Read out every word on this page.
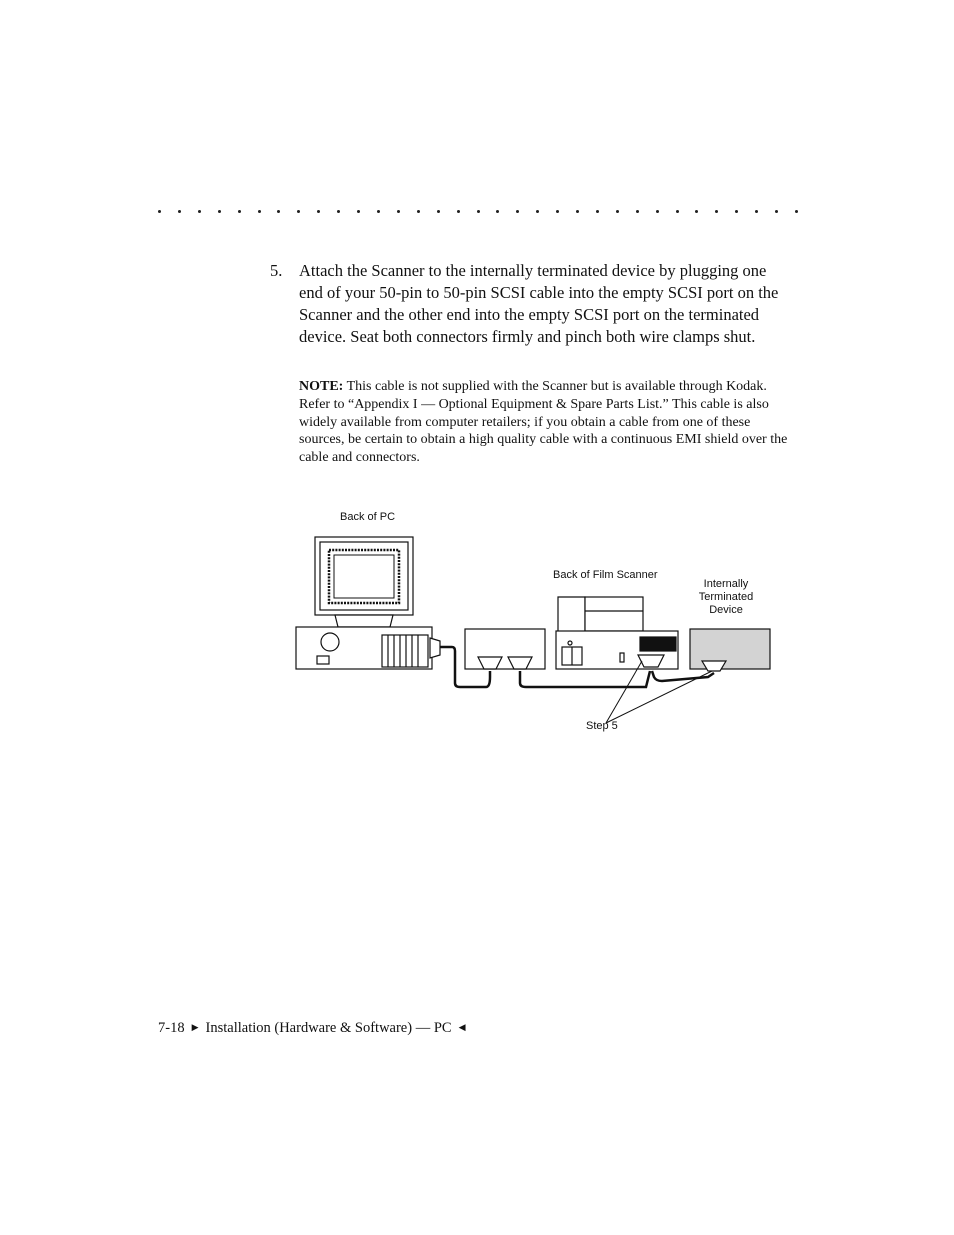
5. Attach the Scanner to the internally terminated device by plugging one end of your 50-pin to 50-pin SCSI cable into the empty SCSI port on the Scanner and the other end into the empty SCSI port on the terminated device. Seat both connectors firmly and pinch both wire clamps shut.
NOTE: This cable is not supplied with the Scanner but is available through Kodak. Refer to “Appendix I — Optional Equipment & Spare Parts List.” This cable is also widely available from computer retailers; if you obtain a cable from one of these sources, be certain to obtain a high quality cable with a continuous EMI shield over the cable and connectors.
Back of PC
Back of Film Scanner
Internally
Terminated
Device
Step 5
7-18 ▶ Installation (Hardware & Software) — PC ◀
